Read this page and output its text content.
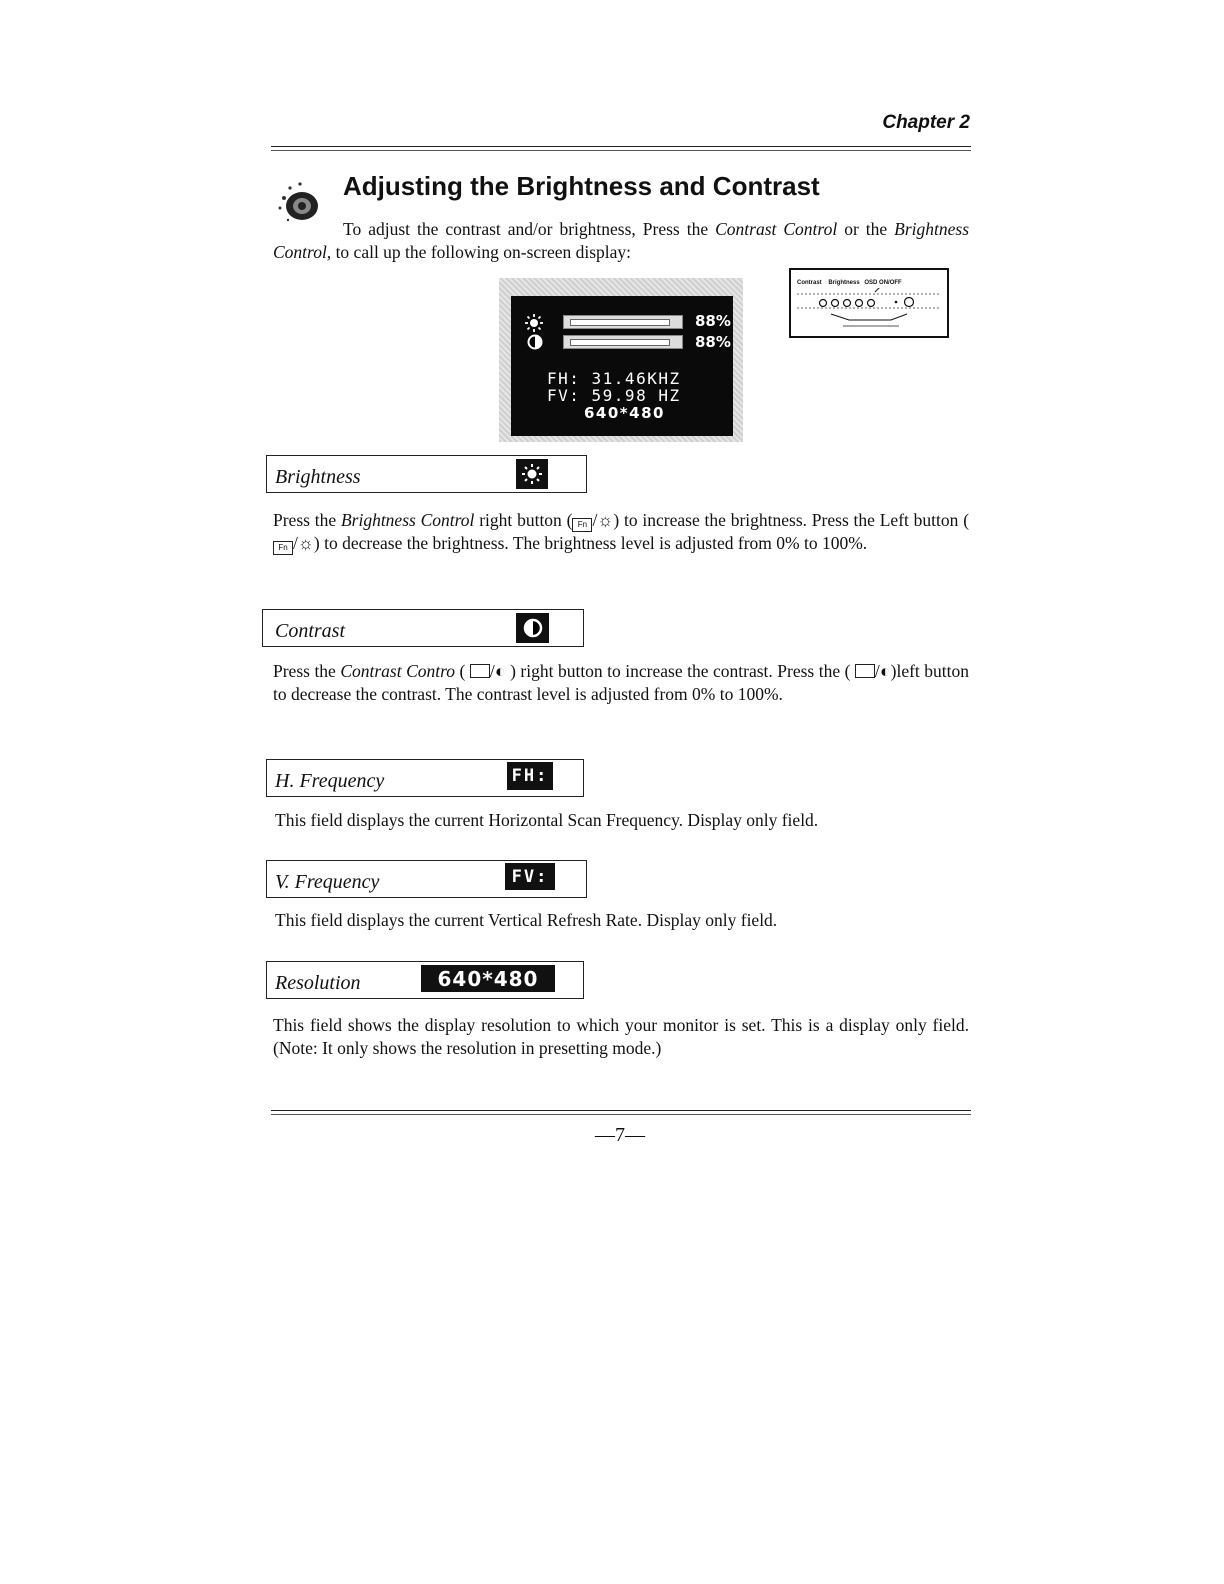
Chapter 2
Adjusting the Brightness and Contrast
To adjust the contrast and/or brightness, Press the Contrast Control or the Brightness Control, to call up the following on-screen display:
88%
88%
FH: 31.46KHZ
FV: 59.98 HZ
640*480
Contrast Brightness OSD ON/OFF
Brightness
Press the Brightness Control right button ( Fn /☼) to increase the brightness. Press the Left button (Fn /☼) to decrease the brightness. The brightness level is adjusted from 0% to 100%.
Contrast
Press the Contrast Contro ( /◐ ) right button to increase the contrast. Press the ( /◐)left button to decrease the contrast. The contrast level is adjusted from 0% to 100%.
H. Frequency	FH:
This field displays the current Horizontal Scan Frequency. Display only field.
V. Frequency	FV:
This field displays the current Vertical Refresh Rate. Display only field.
Resolution	640*480
This field shows the display resolution to which your monitor is set. This is a display only field. (Note: It only shows the resolution in presetting mode.)
—7—
